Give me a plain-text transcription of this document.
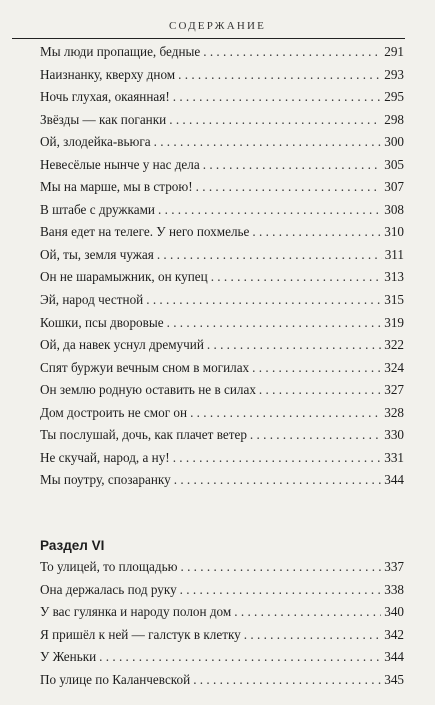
СОДЕРЖАНИЕ
Мы люди пропащие, бедные . . .	291
Наизнанку, кверху дном . . .	293
Ночь глухая, окаянная! . . .	295
Звёзды — как поганки . . .	298
Ой, злодейка-вьюга . . .	300
Невесёлые нынче у нас дела . . .	305
Мы на марше, мы в строю! . . .	307
В штабе с дружками . . .	308
Ваня едет на телеге. У него похмелье . . .	310
Ой, ты, земля чужая . . .	311
Он не шарамыжник, он купец . . .	313
Эй, народ честной . . .	315
Кошки, псы дворовые . . .	319
Ой, да навек уснул дремучий . . .	322
Спят буржуи вечным сном в могилах . . .	324
Он землю родную оставить не в силах . . .	327
Дом достроить не смог он . . .	328
Ты послушай, дочь, как плачет ветер . . .	330
Не скучай, народ, а ну! . . .	331
Мы поутру, спозаранку . . .	344
Раздел VI
То улицей, то площадью . . .	337
Она держалась под руку . . .	338
У вас гулянка и народу полон дом . . .	340
Я пришёл к ней — галстук в клетку . . .	342
У Женьки . . .	344
По улице по Каланчевской . . .	345
